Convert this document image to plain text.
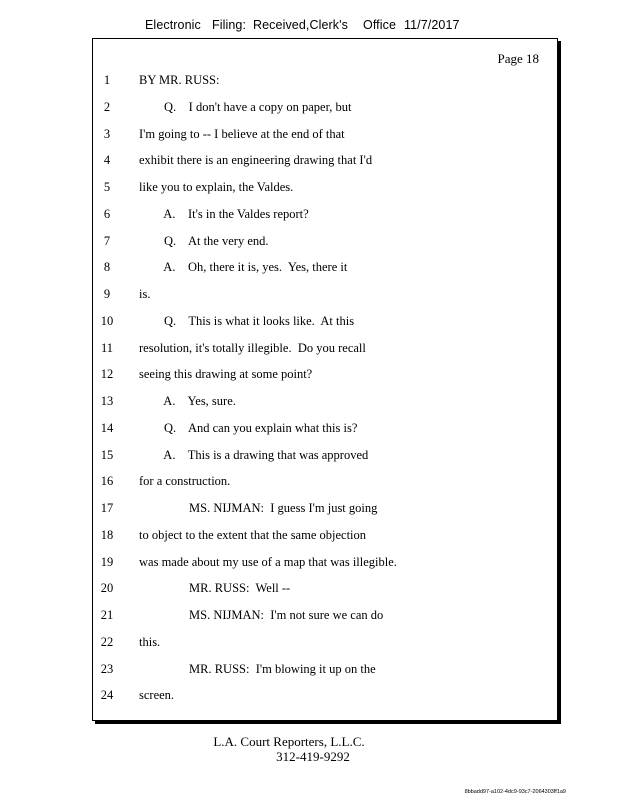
Electronic

Filing:

Received,Clerk's

Office

11/7/2017

Page 18
1	BY MR. RUSS:
2	Q.    I don't have a copy on paper, but
3	I'm going to -- I believe at the end of that
4	exhibit there is an engineering drawing that I'd
5	like you to explain, the Valdes.
6	A.    It's in the Valdes report?
7	Q.    At the very end.
8	A.    Oh, there it is, yes.  Yes, there it
9	is.
10	Q.    This is what it looks like.  At this
11	resolution, it's totally illegible.  Do you recall
12	seeing this drawing at some point?
13	A.    Yes, sure.
14	Q.    And can you explain what this is?
15	A.    This is a drawing that was approved
16	for a construction.
17	MS. NIJMAN:  I guess I'm just going
18	to object to the extent that the same objection
19	was made about my use of a map that was illegible.
20	MR. RUSS:  Well --
21	MS. NIJMAN:  I'm not sure we can do
22	this.
23	MR. RUSS:  I'm blowing it up on the
24	screen.
L.A. Court Reporters, L.L.C.
312-419-9292
8bbadd97-a102-4dc9-93c7-2064303ff1a9
